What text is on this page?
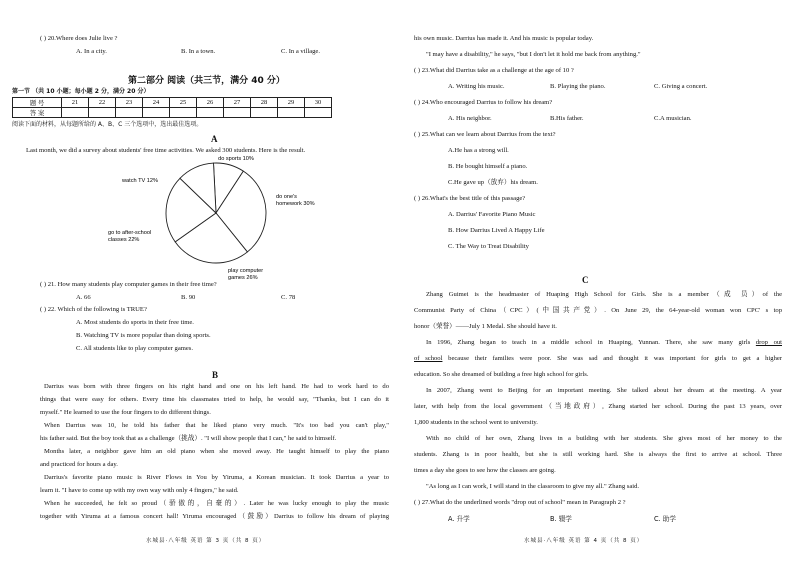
( ) 20.Where does Julie live ?
A. In a city.	B. In a town.	C. In a village.
第二部分 阅读（共三节，满分 40 分）
第一节 （共 10 小题；每小题 2 分，满分 20 分）
题 号	21	22	23	24	25	26	27	28	29	30
答 案										
阅读下面的材料，从每题所给的 A、B、C 三个选项中，选出最佳选项。
A
Last month, we did a survey about students' free time activities. We asked 300 students. Here is the result.
do sports 10%
do one's homework 30%
play computer games 26%
go to after-school classes 22%
watch TV 12%
( ) 21. How many students play computer games in their free time?
A. 66	B. 90	C. 78
( ) 22. Which of the following is TRUE?
A. Most students do sports in their free time.
B. Watching TV is more popular than doing sports.
C. All students like to play computer games.
B
Darrius was born with three fingers on his right hand and one on his left hand. He had to work hard to do
things that were easy for others. Every time his classmates tried to help, he would say, "Thanks, but I can do it
myself." He learned to use the four fingers to do different things.
When Darrius was 10, he told his father that he liked piano very much. "It's too bad you can't play,"
his father said. But the boy took that as a challenge（挑战）. "I will show people that I can," he said to himself.
Months later, a neighbor gave him an old piano when she moved away. He taught himself to play the piano
and practiced for hours a day.
Darrius's favorite piano music is River Flows in You by Yiruma, a Korean musician. It took Darrius a year to
learn it. "I have to come up with my own way with only 4 fingers," he said.
When he succeeded, he felt so proud（骄傲的，自豪的）. Later he was lucky enough to play the music
together with Yiruma at a famous concert hall! Yiruma encouraged（鼓励）Darrius to follow his dream of playing
水城县·八年级 英语 第 3 页（共 8 页）
his own music. Darrius has made it. And his music is popular today.
"I may have a disability," he says, "but I don't let it hold me back from anything."
( ) 23.What did Darrius take as a challenge at the age of 10 ?
A. Writing his music.	B. Playing the piano.	C. Giving a concert.
( ) 24.Who encouraged Darrius to follow his dream?
A. His neighbor.	B.His father.	C.A musician.
( ) 25.What can we learn about Darrius from the text?
A.He has a strong will.
B. He bought himself a piano.
C.He gave up（放弃）his dream.
( ) 26.What's the best title of this passage?
A. Darrius' Favorite Piano Music
B. How Darrius Lived A Happy Life
C. The Way to Treat Disability
C
Zhang Guimei is the headmaster of Huaping High School for Girls. She is a member（成 员）of the
Communist Party of China（CPC）(中国共产党）. On June 29, the 64-year-old woman won CPC' s top
honor（荣誉）——July 1 Medal. She should have it.
In 1996, Zhang began to teach in a middle school in Huaping, Yunnan. There, she saw many girls drop out
of school because their families were poor. She was sad and thought it was important for girls to get a higher
education. So she dreamed of building a free high school for girls.
In 2007, Zhang went to Beijing for an important meeting. She talked about her dream at the meeting. A year
later, with help from the local government（当地政府）, Zhang started her school. During the past 13 years, over
1,800 students in the school went to university.
With no child of her own, Zhang lives in a building with her students. She gives most of her money to the
students. Zhang is in poor health, but she is still working hard. She is always the first to arrive at school. Three
times a day she goes to see how the classes are going.
"As long as I can work, I will stand in the classroom to give my all." Zhang said.
( ) 27.What do the underlined words "drop out of school" mean in Paragraph 2 ?
A. 升学	B. 辍学	C. 助学
水城县·八年级 英语 第 4 页（共 8 页）
